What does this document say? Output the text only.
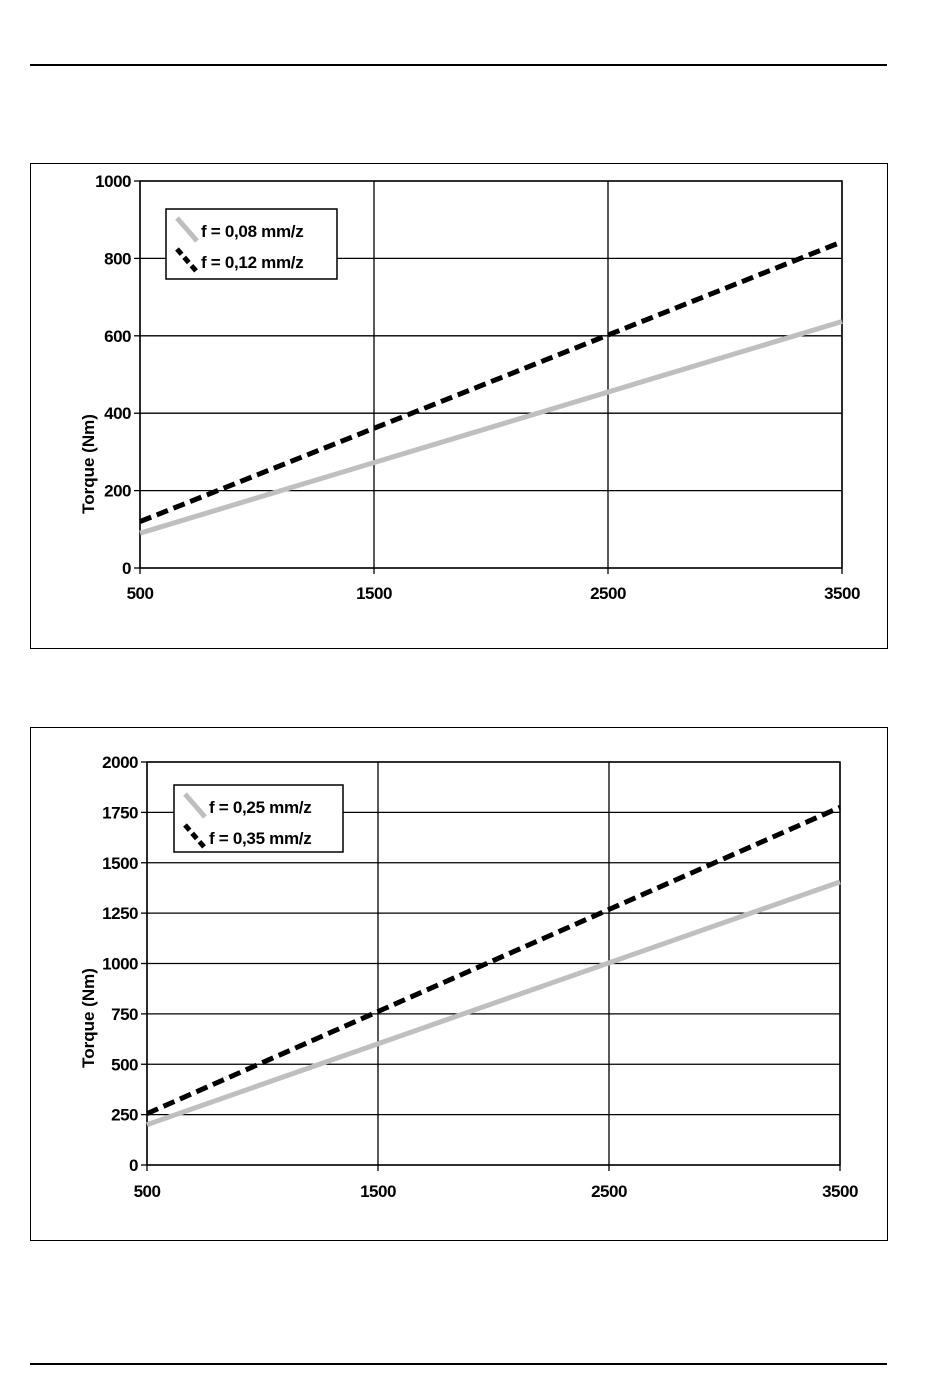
Torque (Nm)
0
200
400
600
800
1000
500	1500	2500	3500
f = 0,08 mm/z
f = 0,12 mm/z
Torque (Nm)
0
250
500
750
1000
1250
1500
1750
2000
500	1500	2500	3500
f = 0,25 mm/z
f = 0,35 mm/z
